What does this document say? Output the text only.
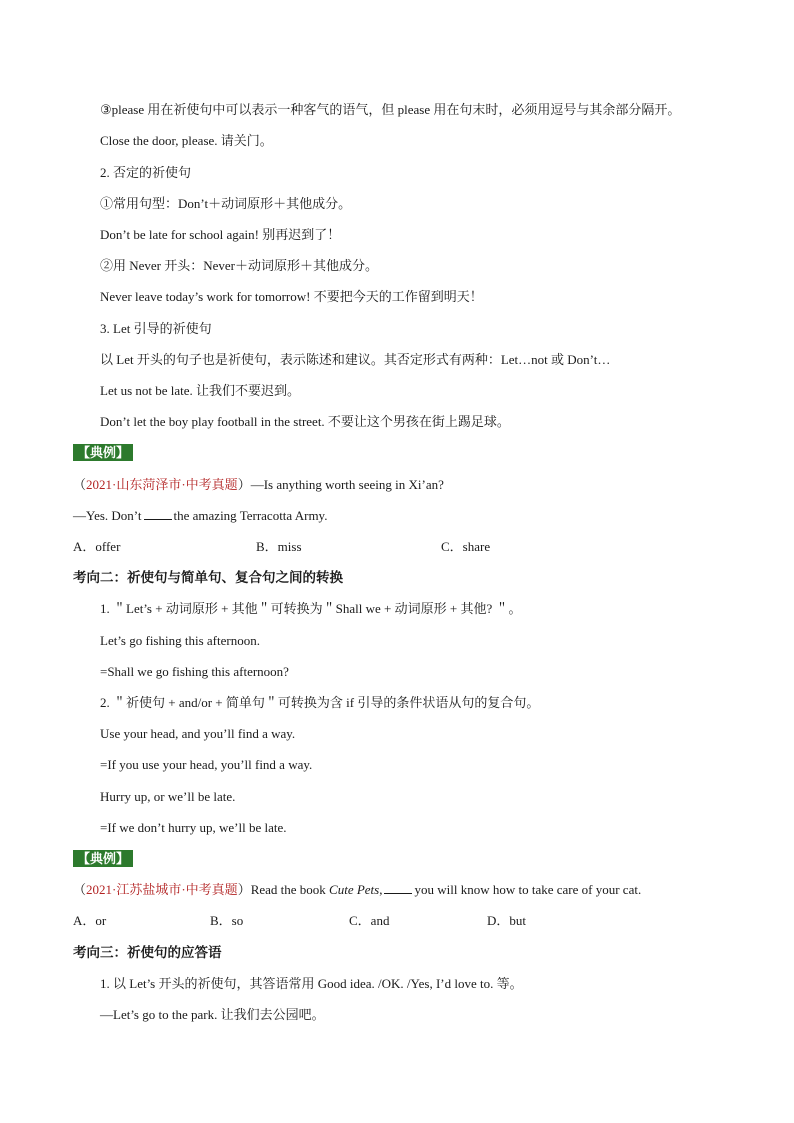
③please 用在祈使句中可以表示一种客气的语气，但 please 用在句末时，必须用逗号与其余部分隔开。
Close the door, please. 请关门。
2. 否定的祈使句
①常用句型：Don’t＋动词原形＋其他成分。
Don’t be late for school again! 别再迟到了！
②用 Never 开头：Never＋动词原形＋其他成分。
Never leave today’s work for tomorrow! 不要把今天的工作留到明天！
3. Let 引导的祈使句
以 Let 开头的句子也是祈使句，表示陈述和建议。其否定形式有两种：Let…not 或 Don’t…
Let us not be late. 让我们不要迟到。
Don’t let the boy play football in the street. 不要让这个男孩在街上踢足球。
【典例】
（2021·山东菏泽市·中考真题）—Is anything worth seeing in Xi’an?
—Yes. Don’t the amazing Terracotta Army.
A．offer	B．miss	C．share
考向二：祈使句与简单句、复合句之间的转换
1. ＂Let’s + 动词原形 + 其他＂可转换为＂Shall we + 动词原形 + 其他? ＂。
Let’s go fishing this afternoon.
=Shall we go fishing this afternoon?
2. ＂祈使句 + and/or + 简单句＂可转换为含 if 引导的条件状语从句的复合句。
Use your head, and you’ll find a way.
=If you use your head, you’ll find a way.
Hurry up, or we’ll be late.
=If we don’t hurry up, we’ll be late.
【典例】
（2021·江苏盐城市·中考真题）Read the book Cute Pets, you will know how to take care of your cat.
A．or	B．so	C．and	D．but
考向三：祈使句的应答语
1. 以 Let’s 开头的祈使句，其答语常用 Good idea. /OK. /Yes, I’d love to. 等。
—Let’s go to the park. 让我们去公园吧。
